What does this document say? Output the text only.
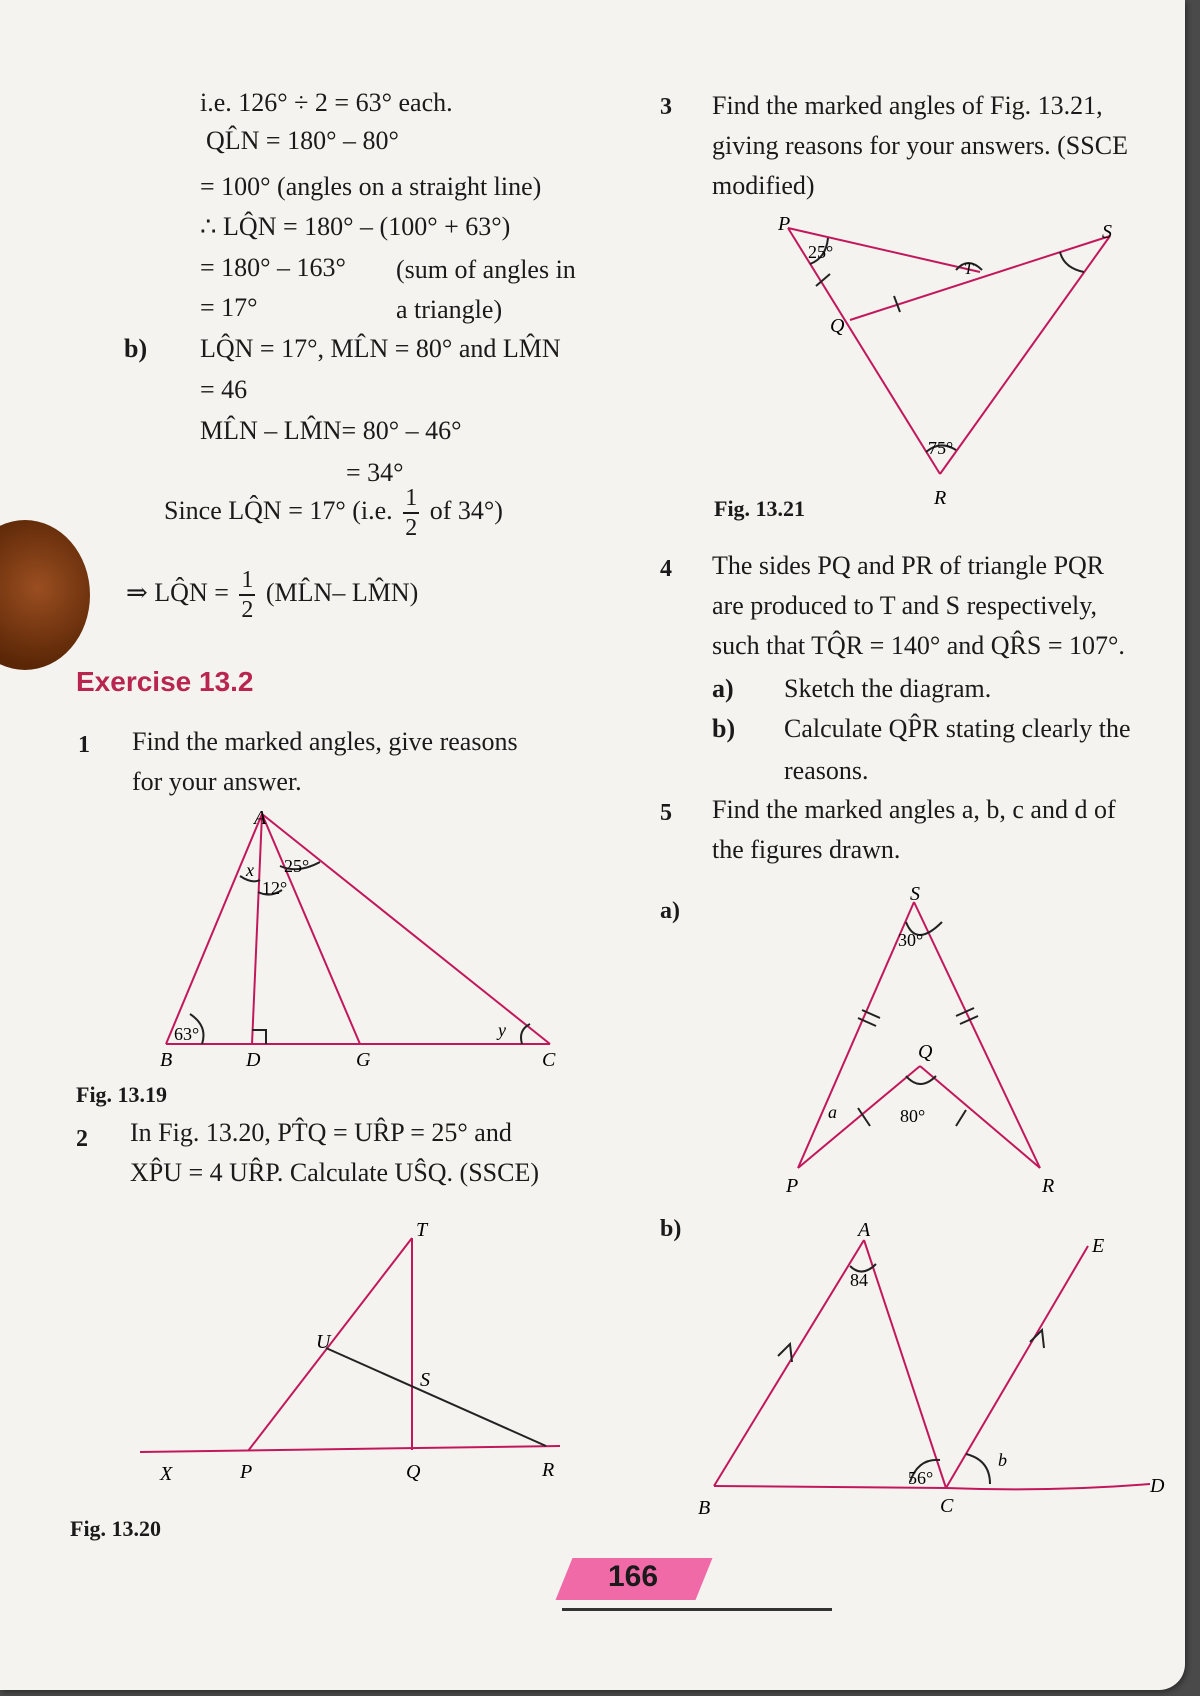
i.e. 126° ÷ 2 = 63° each.
QL̂N = 180° – 80°
= 100° (angles on a straight line)
∴ LQ̂N = 180° – (100° + 63°)
= 180° – 163° (sum of angles in
= 17°	a triangle)
b) LQ̂N = 17°, ML̂N = 80° and LM̂N
= 46
ML̂N – LM̂N= 80° – 46°
= 34°
Since LQ̂N = 17° (i.e. $\frac{1}{2}$ of 34°)
⇒ LQ̂N = $\frac{1}{2}$ (ML̂N– LM̂N)
Exercise 13.2
1 Find the marked angles, give reasons
for your answer.
A
B	D	G	C
x 25°
12°
63°	y
Fig. 13.19
2 In Fig. 13.20, PT̂Q = UR̂P = 25° and
XP̂U = 4 UR̂P. Calculate UŜQ. (SSCE)
T
U
S
X	P	Q	R
Fig. 13.20
3 Find the marked angles of Fig. 13.21,
giving reasons for your answers. (SSCE
modified)
P	S
Q
R
T
25°
75°
Fig. 13.21
4 The sides PQ and PR of triangle PQR
are produced to T and S respectively,
such that TQ̂R = 140° and QR̂S = 107°.
a) Sketch the diagram.
b) Calculate QP̂R stating clearly the
reasons.
5 Find the marked angles a, b, c and d of
the figures drawn.
a)
S
Q
P	R
a
30°
80°
b)	A
B	C
D
E
b
84
56°
166
